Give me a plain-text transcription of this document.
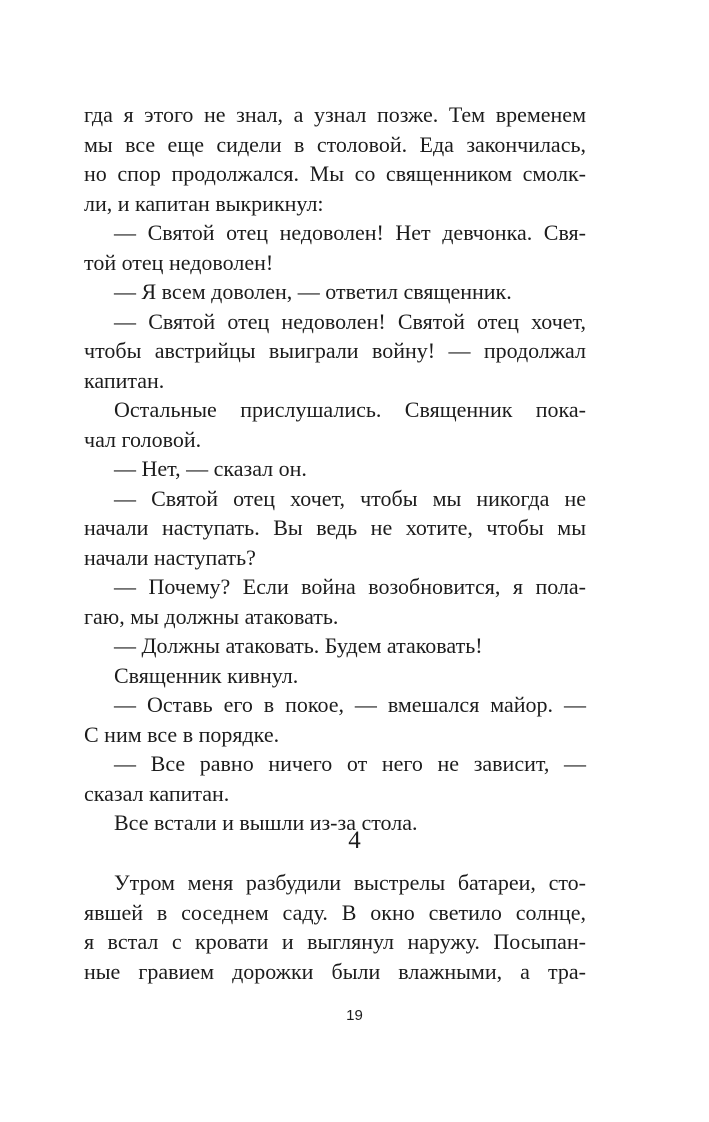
гда я этого не знал, а узнал позже. Тем временем
мы все еще сидели в столовой. Еда закончилась,
но спор продолжался. Мы со священником смолк-
ли, и капитан выкрикнул:
— Святой отец недоволен! Нет девчонка. Свя-
той отец недоволен!
— Я всем доволен, — ответил священник.
— Святой отец недоволен! Святой отец хочет,
чтобы австрийцы выиграли войну! — продолжал
капитан.
Остальные прислушались. Священник пока-
чал головой.
— Нет, — сказал он.
— Святой отец хочет, чтобы мы никогда не
начали наступать. Вы ведь не хотите, чтобы мы
начали наступать?
— Почему? Если война возобновится, я пола-
гаю, мы должны атаковать.
— Должны атаковать. Будем атаковать!
Священник кивнул.
— Оставь его в покое, — вмешался майор. —
С ним все в порядке.
— Все равно ничего от него не зависит, —
сказал капитан.
Все встали и вышли из-за стола.
4
Утром меня разбудили выстрелы батареи, сто-
явшей в соседнем саду. В окно светило солнце,
я встал с кровати и выглянул наружу. Посыпан-
ные гравием дорожки были влажными, а тра-
19
